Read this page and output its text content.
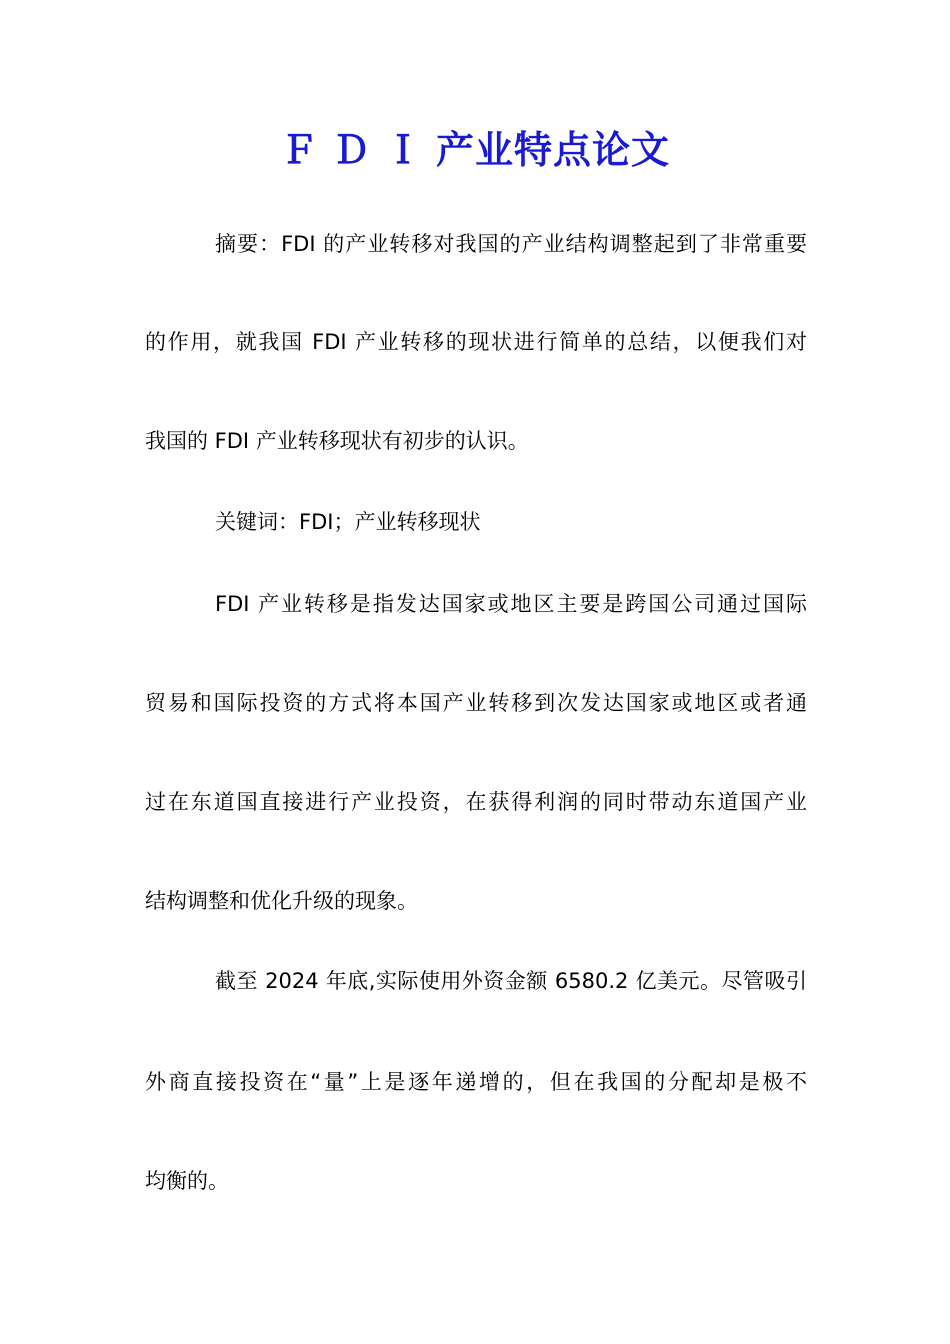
ＦＤＩ产业特点论文
摘要：FDI 的产业转移对我国的产业结构调整起到了非常重要
的作用，就我国 FDI 产业转移的现状进行简单的总结，以便我们对
我国的 FDI 产业转移现状有初步的认识。
关键词：FDI；产业转移现状
FDI 产业转移是指发达国家或地区主要是跨国公司通过国际
贸易和国际投资的方式将本国产业转移到次发达国家或地区或者通
过在东道国直接进行产业投资，在获得利润的同时带动东道国产业
结构调整和优化升级的现象。
截至 2024 年底,实际使用外资金额 6580.2 亿美元。尽管吸引
外商直接投资在“量”上是逐年递增的，但在我国的分配却是极不
均衡的。
